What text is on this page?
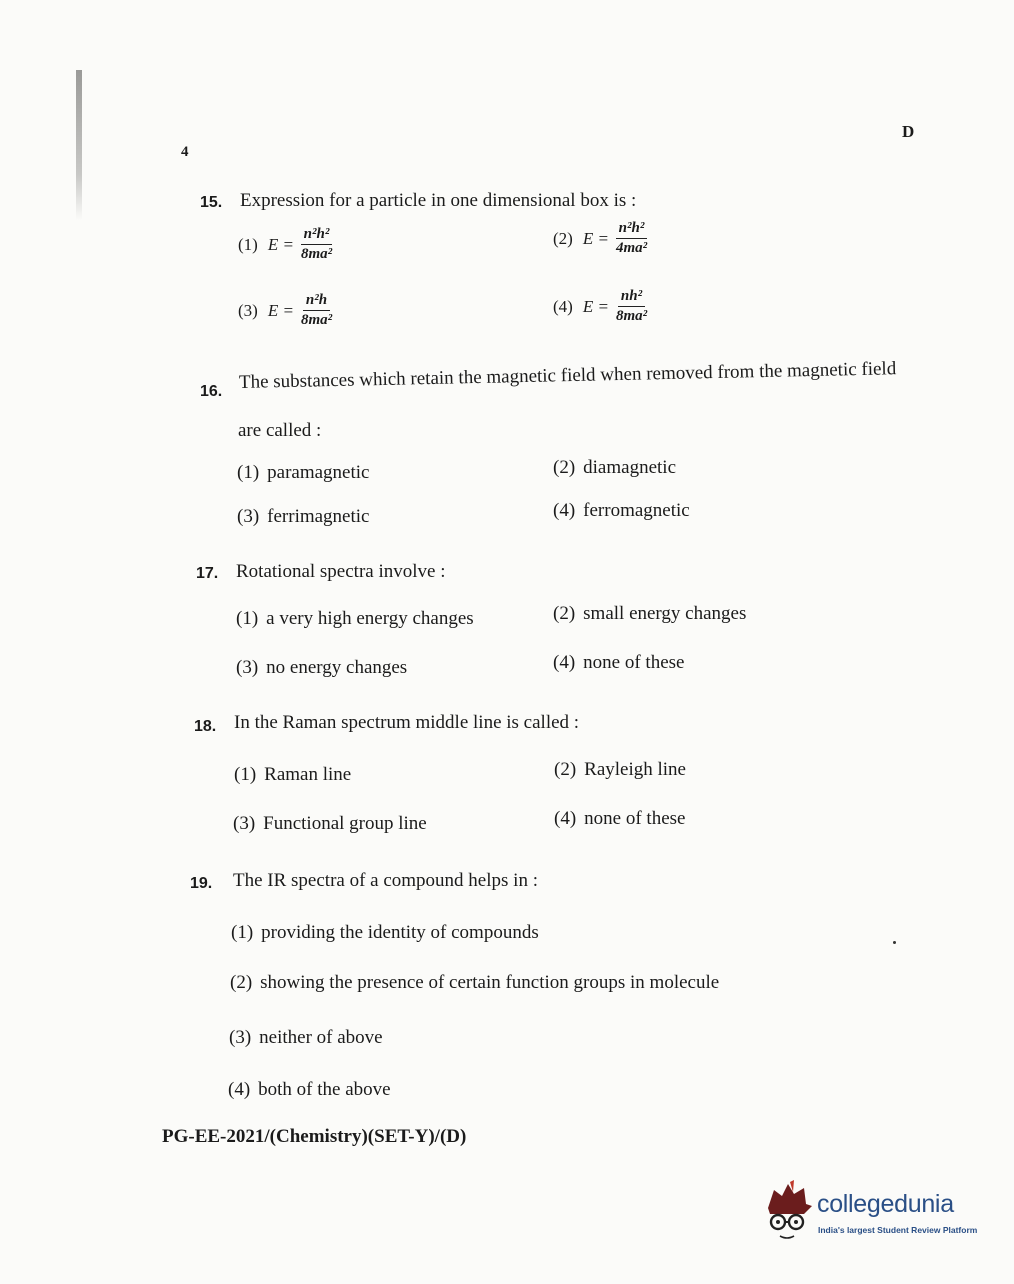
4
D
15. Expression for a particle in one dimensional box is :
(1) $E = \frac{\text{n²h²}}{\text{8ma²}}$	(2) $E = \frac{\text{n²h²}}{\text{4ma²}}$
(3) $E = \frac{\text{n²h}}{\text{8ma²}}$	(4) $E = \frac{\text{nh²}}{\text{8ma²}}$
16. The substances which retain the magnetic field when removed from the magnetic field
are called :
(1) paramagnetic	(2) diamagnetic
(3) ferrimagnetic	(4) ferromagnetic
17. Rotational spectra involve :
(1) a very high energy changes	(2) small energy changes
(3) no energy changes	(4) none of these
18. In the Raman spectrum middle line is called :
(1) Raman line	(2) Rayleigh line
(3) Functional group line	(4) none of these
19. The IR spectra of a compound helps in :
(1) providing the identity of compounds
(2) showing the presence of certain function groups in molecule
(3) neither of above
(4) both of the above
PG-EE-2021/(Chemistry)(SET-Y)/(D)
collegedunia
India's largest Student Review Platform
